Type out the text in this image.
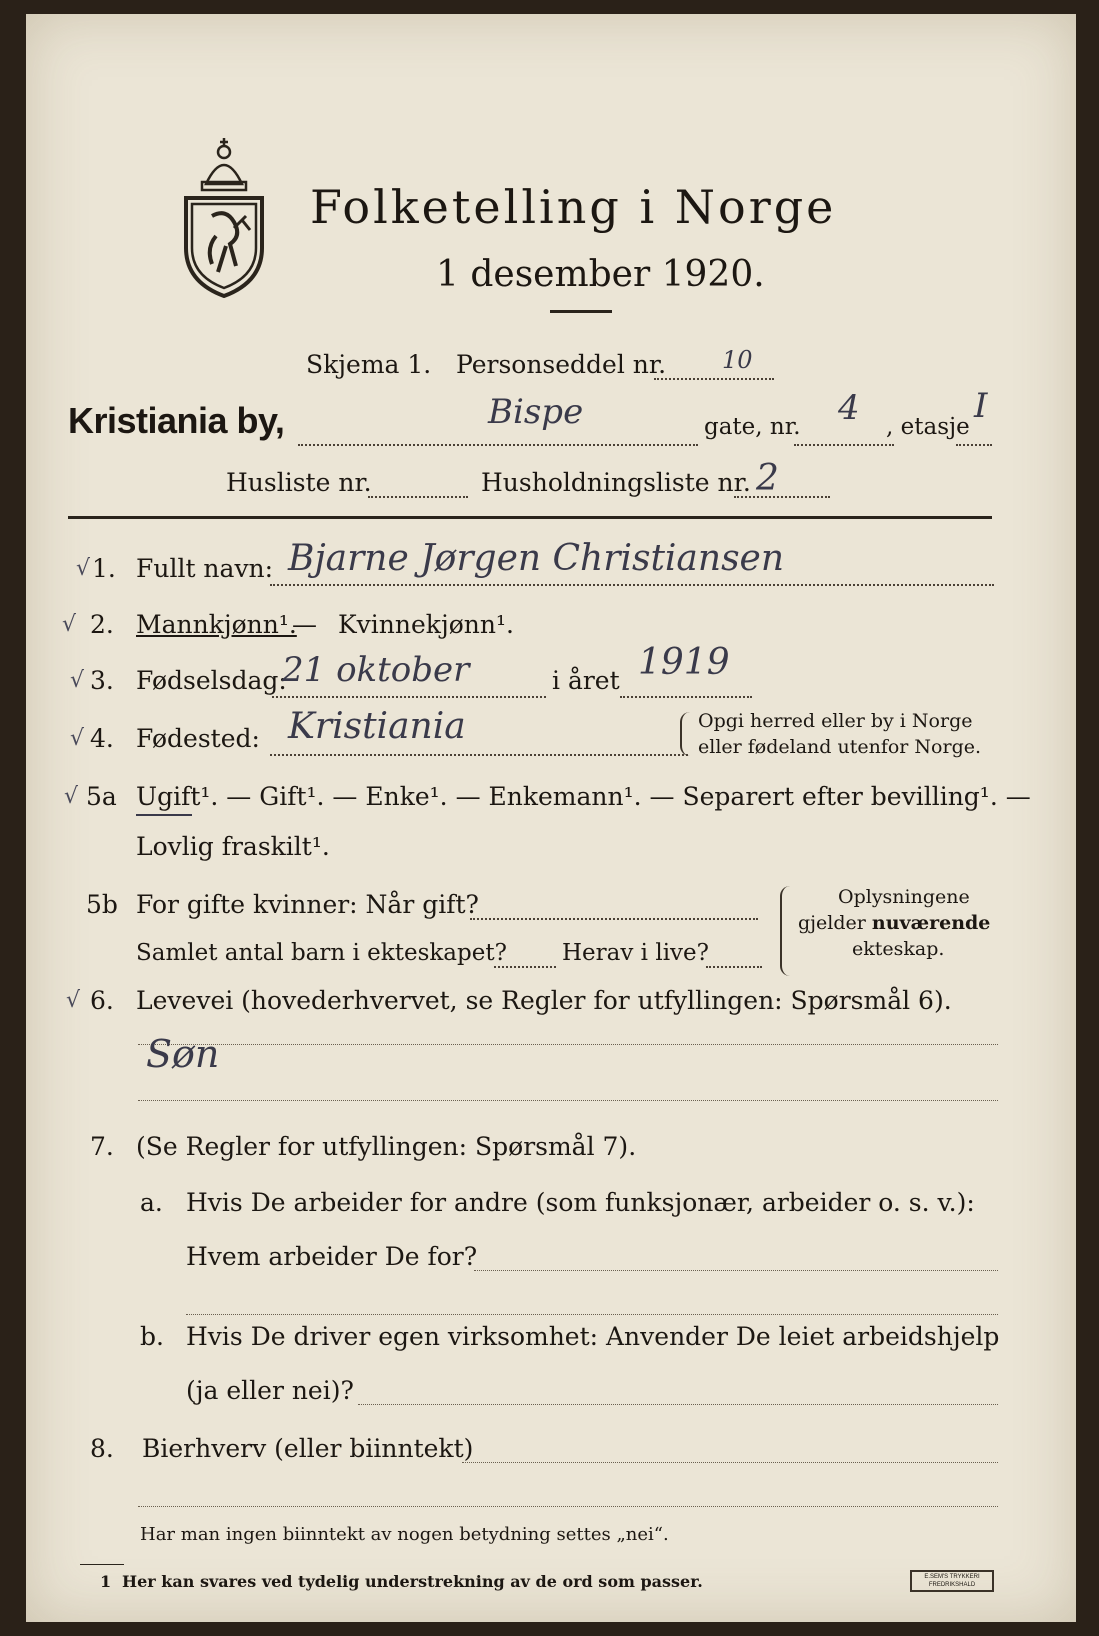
Folketelling i Norge
1 desember 1920.
Skjema 1. Personseddel nr. 10
Kristiania by,	Bispe	gate, nr. 4 , etasje
I
Husliste nr.	Husholdningsliste nr. 2
√ 1. Fullt navn: Bjarne Jørgen Christiansen
√ 2. Mannkjønn¹.
— Kvinnekjønn¹.
√ 3. Fødselsdag:
21 oktober	i året 1919
√ 4. Fødested: Kristiania	Opgi herred eller by i Norge
eller fødeland utenfor Norge.
√ 5a Ugift¹. — Gift¹. — Enke¹. — Enkemann¹. — Separert efter bevilling¹. —
Lovlig fraskilt¹.
5b For gifte kvinner: Når gift?
Samlet antal barn i ekteskapet? Herav i live?
Oplysningene
gjelder nuværende
ekteskap.
√ 6. Levevei (hovederhvervet, se Regler for utfyllingen: Spørsmål 6).
Søn
7. (Se Regler for utfyllingen: Spørsmål 7).
a. Hvis De arbeider for andre (som funksjonær, arbeider o. s. v.):
Hvem arbeider De for?
b. Hvis De driver egen virksomhet: Anvender De leiet arbeidshjelp
(ja eller nei)?
8. Bierhverv (eller biinntekt)
Har man ingen biinntekt av nogen betydning settes „nei“.
1 Her kan svares ved tydelig understrekning av de ord som passer.	E.SEM'S TRYKKERI
FREDRIKSHALD
